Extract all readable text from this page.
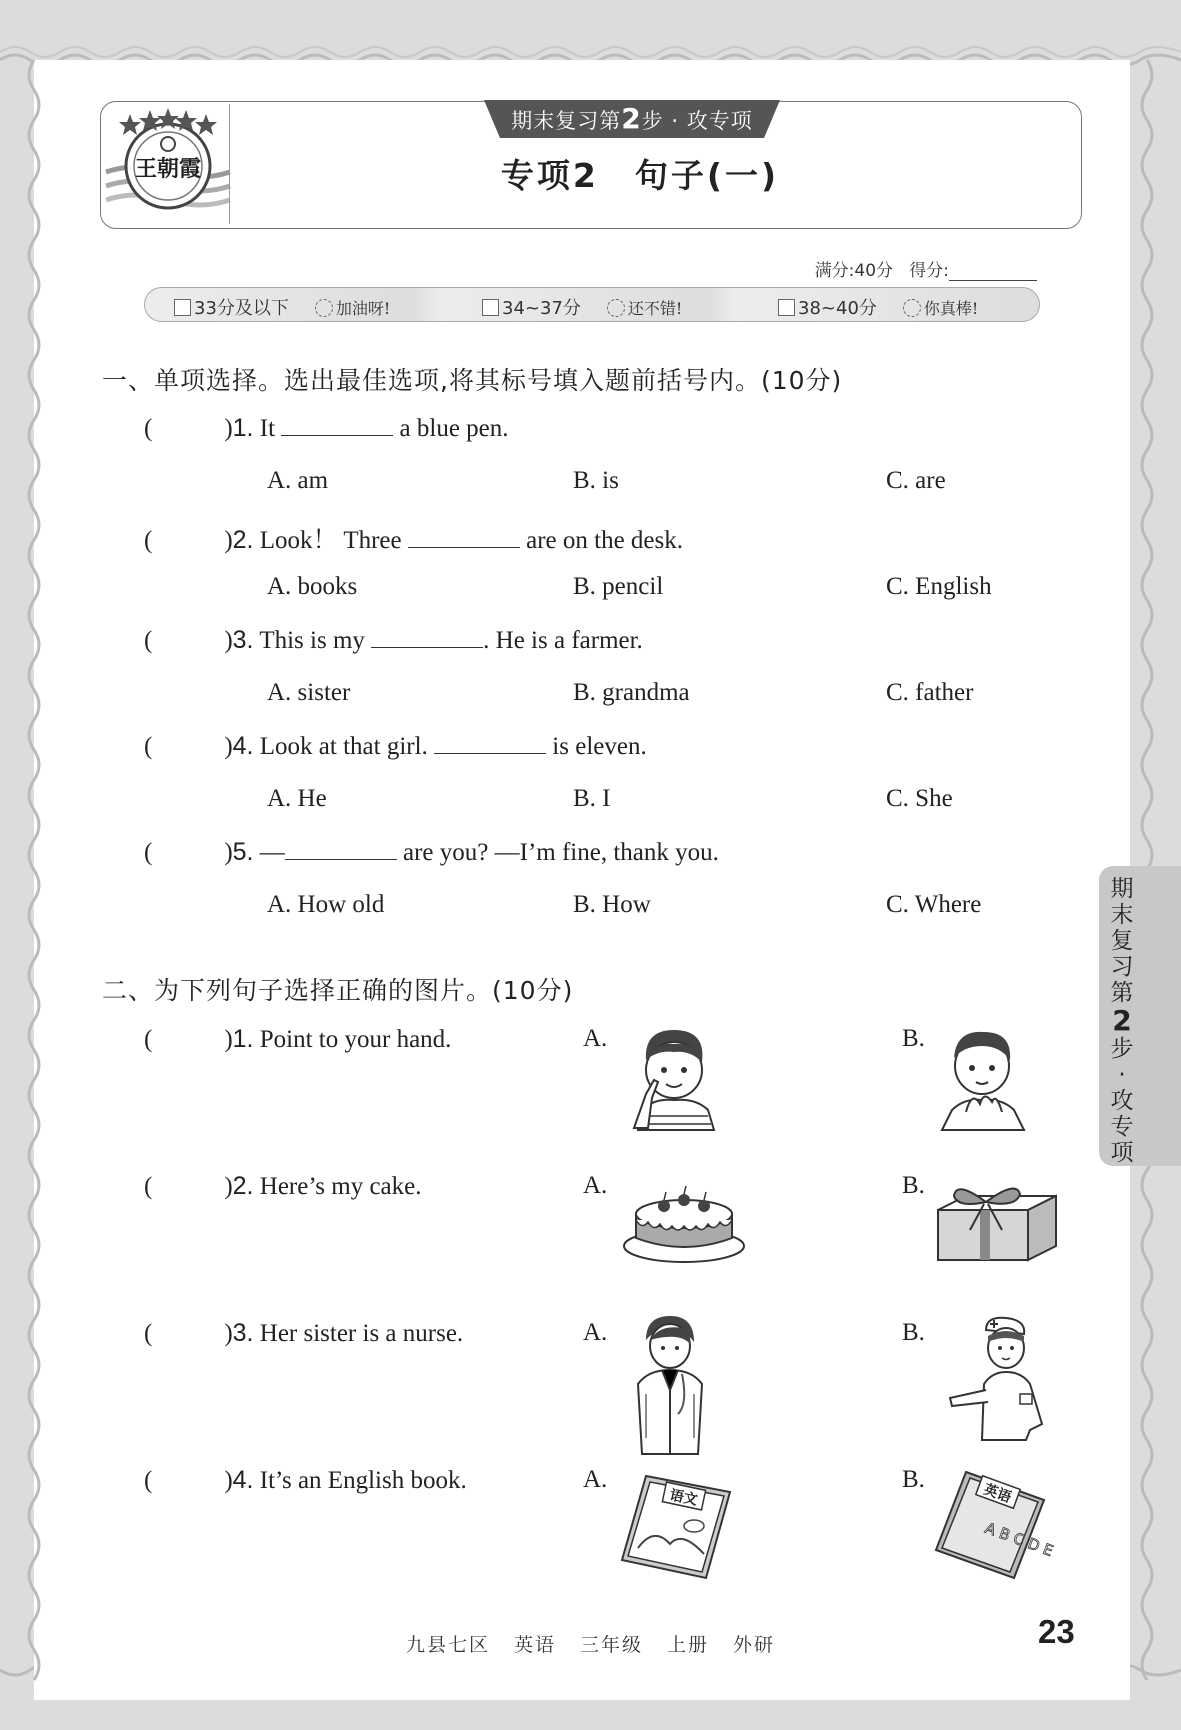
王朝霞
期末复习第2步 · 攻专项
专项2　句子(一)
满分:40分 得分:
33分及以下	加油呀!	34~37分	还不错!	38~40分	你真棒!
一、单项选择。选出最佳选项,将其标号填入题前括号内。(10分)
(	)1. It	a blue pen.
A. am	B. is	C. are
(	)2. Look！ Three	are on the desk.
A. books	B. pencil	C. English
(	)3. This is my	. He is a farmer.
A. sister	B. grandma	C. father
(	)4. Look at that girl.	is eleven.
A. He	B. I	C. She
(	)5. —	are you? —I’m fine, thank you.
A. How old	B. How	C. Where
二、为下列句子选择正确的图片。(10分)
(	)1. Point to your hand.	A.	B.
(	)2. Here’s my cake.	A.	B.
(	)3. Her sister is a nurse.	A.	B.
(	)4. It’s an English book.	A.	B.
语文	英语
A B C D E
期
末
复
习
第
2
步
·
攻
专
项
九县七区 英语 三年级 上册 外研	23
